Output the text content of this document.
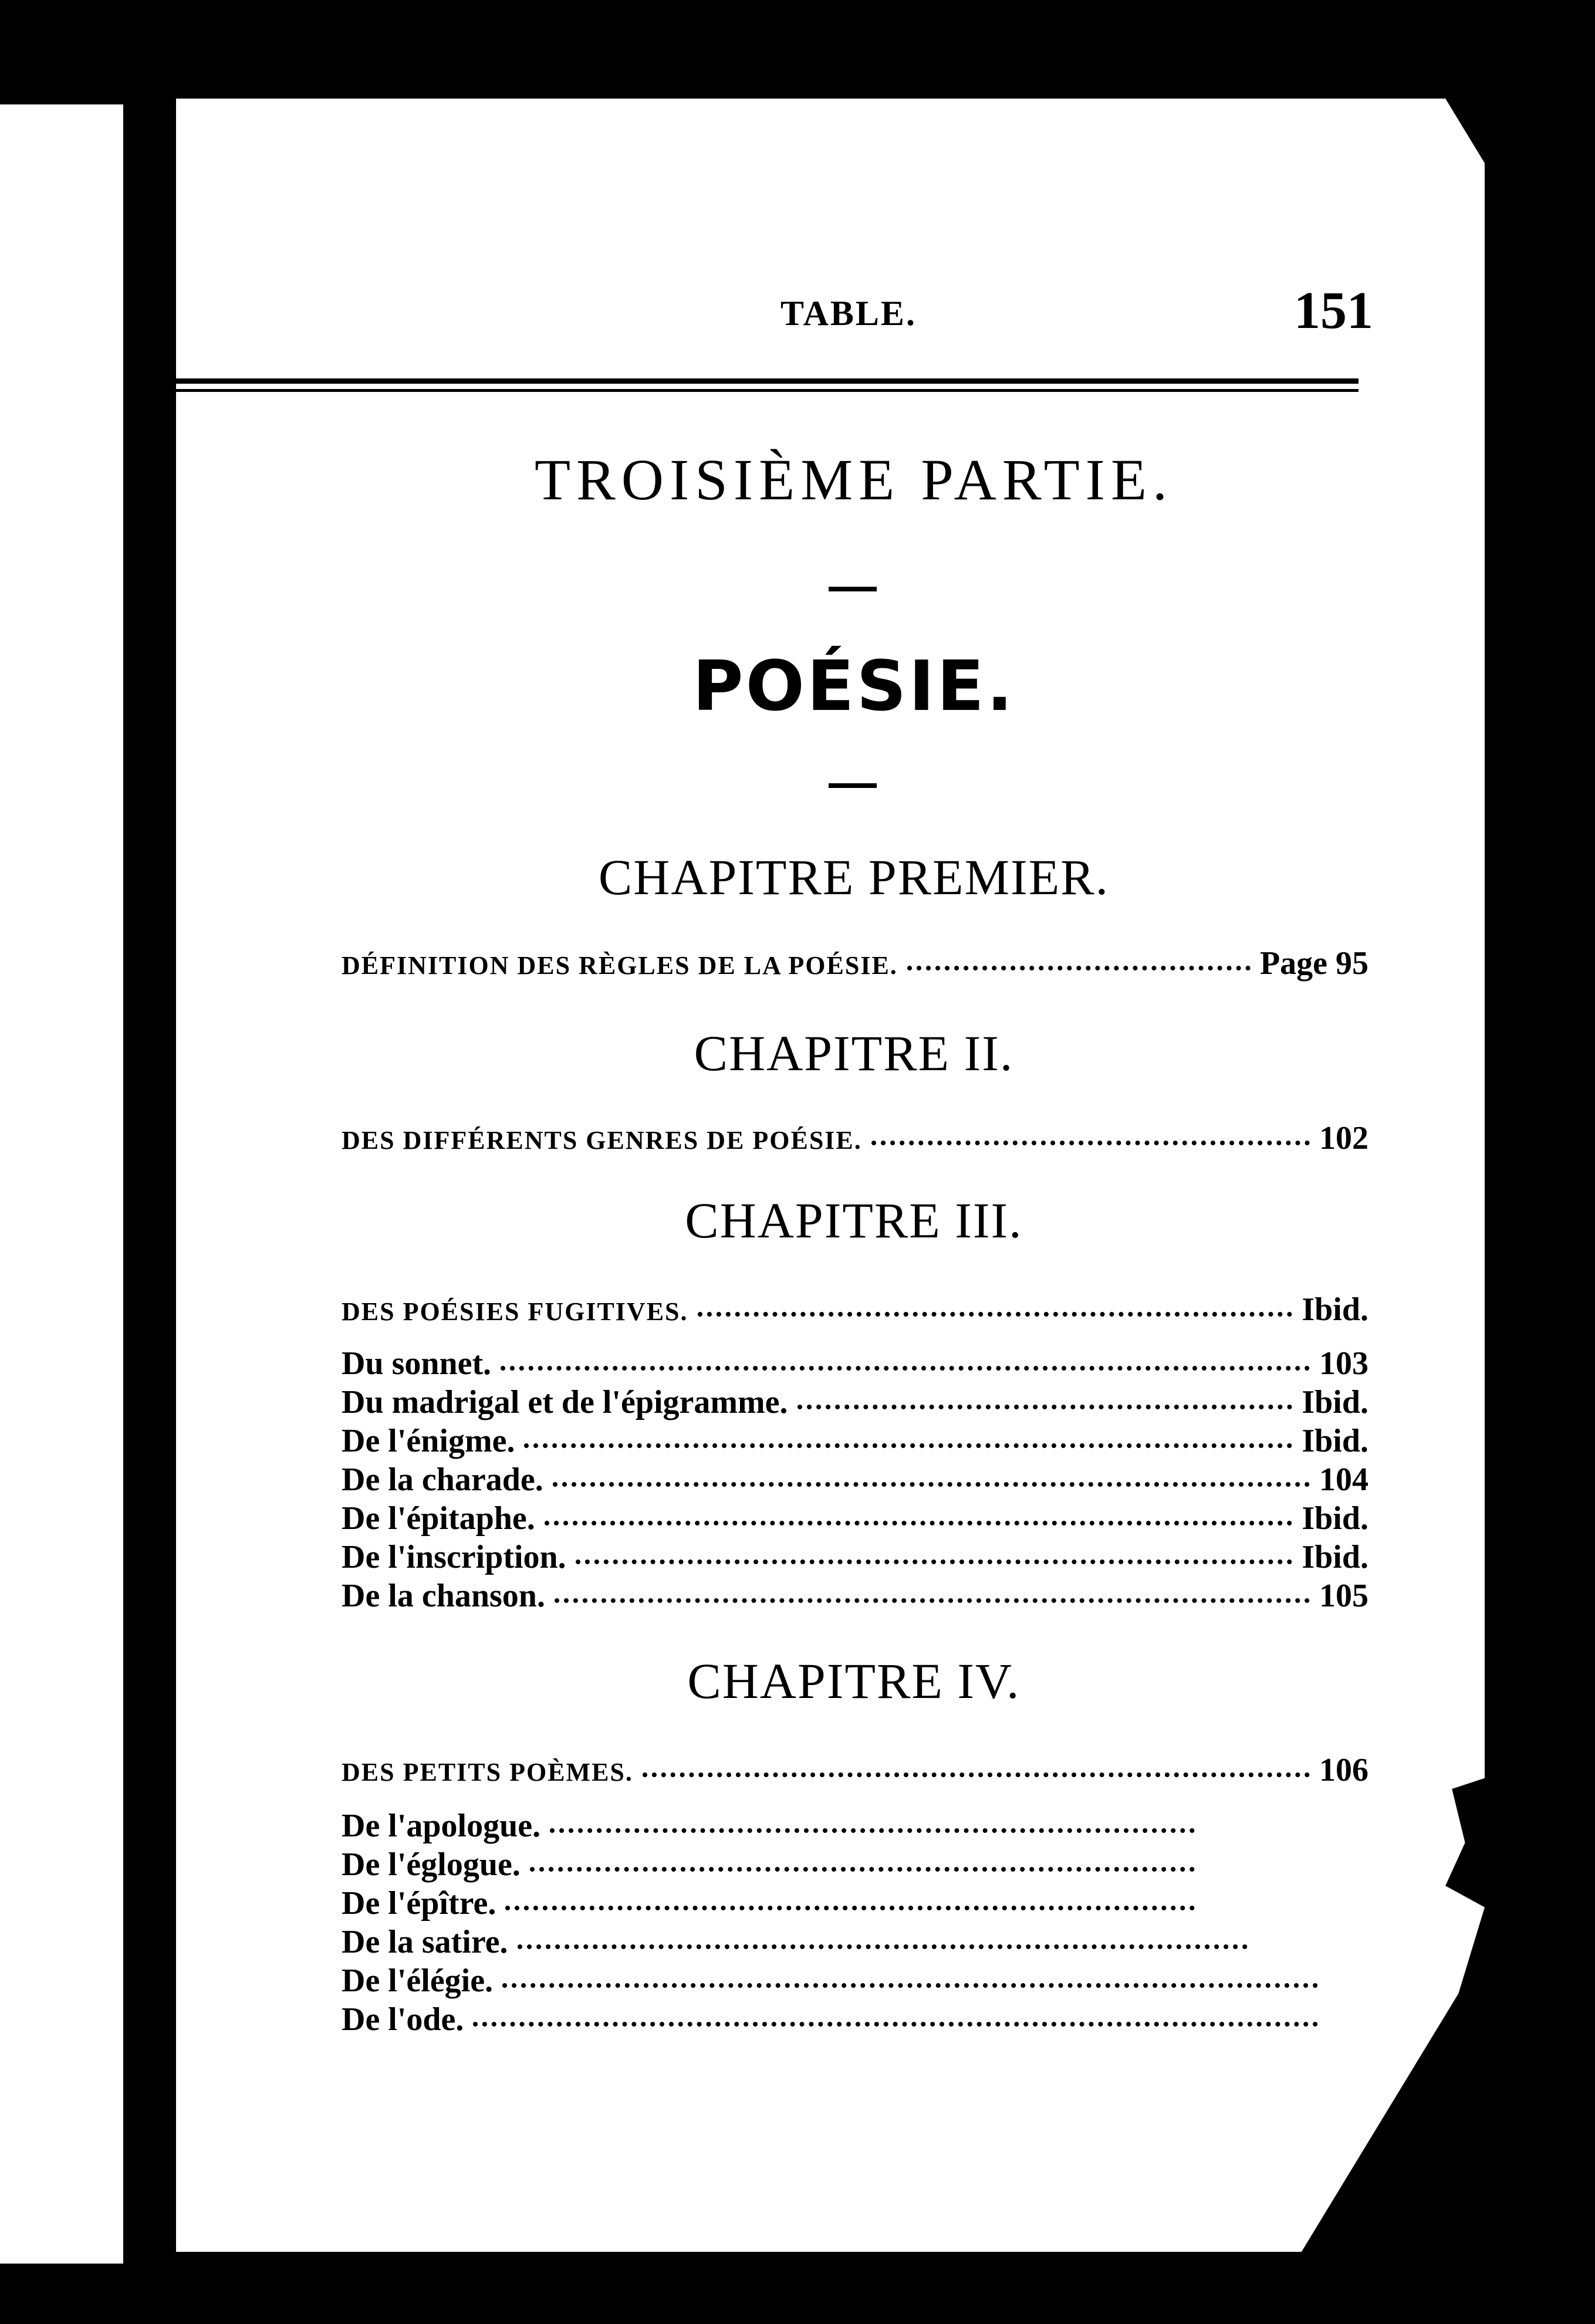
TABLE.	151
TROISIÈME PARTIE.
POÉSIE.
CHAPITRE PREMIER.
DÉFINITION DES RÈGLES DE LA POÉSIE.	Page 95
CHAPITRE II.
DES DIFFÉRENTS GENRES DE POÉSIE.	102
CHAPITRE III.
DES POÉSIES FUGITIVES.	Ibid.
Du sonnet.	103
Du madrigal et de l'épigramme.	Ibid.
De l'énigme.	Ibid.
De la charade.	104
De l'épitaphe.	Ibid.
De l'inscription.	Ibid.
De la chanson.	105
CHAPITRE IV.
DES PETITS POÈMES.	106
De l'apologue.
De l'églogue.
De l'épître.
De la satire.
De l'élégie.
De l'ode.
